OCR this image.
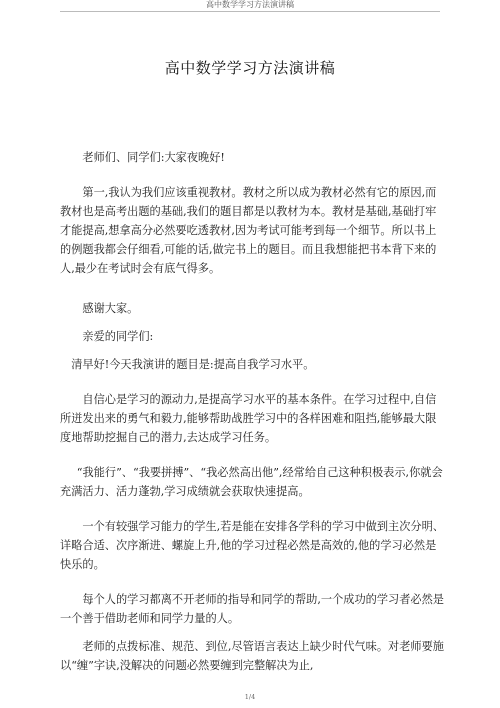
高中数学学习方法演讲稿
高中数学学习方法演讲稿

老师们、同学们:大家夜晚好!

第一,我认为我们应该重视教材。教材之所以成为教材必然有它的原因,而教材也是高考出题的基础,我们的题目都是以教材为本。教材是基础,基础打牢才能提高,想拿高分必然要吃透教材,因为考试可能考到每一个细节。所以书上的例题我都会仔细看,可能的话,做完书上的题目。而且我想能把书本背下来的人,最少在考试时会有底气得多。

感谢大家。

亲爱的同学们:

清早好!今天我演讲的题目是:提高自我学习水平。

自信心是学习的源动力,是提高学习水平的基本条件。在学习过程中,自信所迸发出来的勇气和毅力,能够帮助战胜学习中的各样困难和阻挡,能够最大限度地帮助挖掘自己的潜力,去达成学习任务。

“我能行”、“我要拼搏”、“我必然高出他”,经常给自己这种积极表示,你就会充满活力、活力蓬勃,学习成绩就会获取快速提高。

一个有较强学习能力的学生,若是能在安排各学科的学习中做到主次分明、详略合适、次序渐进、螺旋上升,他的学习过程必然是高效的,他的学习必然是快乐的。

每个人的学习都离不开老师的指导和同学的帮助,一个成功的学习者必然是一个善于借助老师和同学力量的人。

老师的点拨标准、规范、到位,尽管语言表达上缺少时代气味。对老师要施以“缠”字诀,没解决的问题必然要缠到完整解决为止,

1/4
